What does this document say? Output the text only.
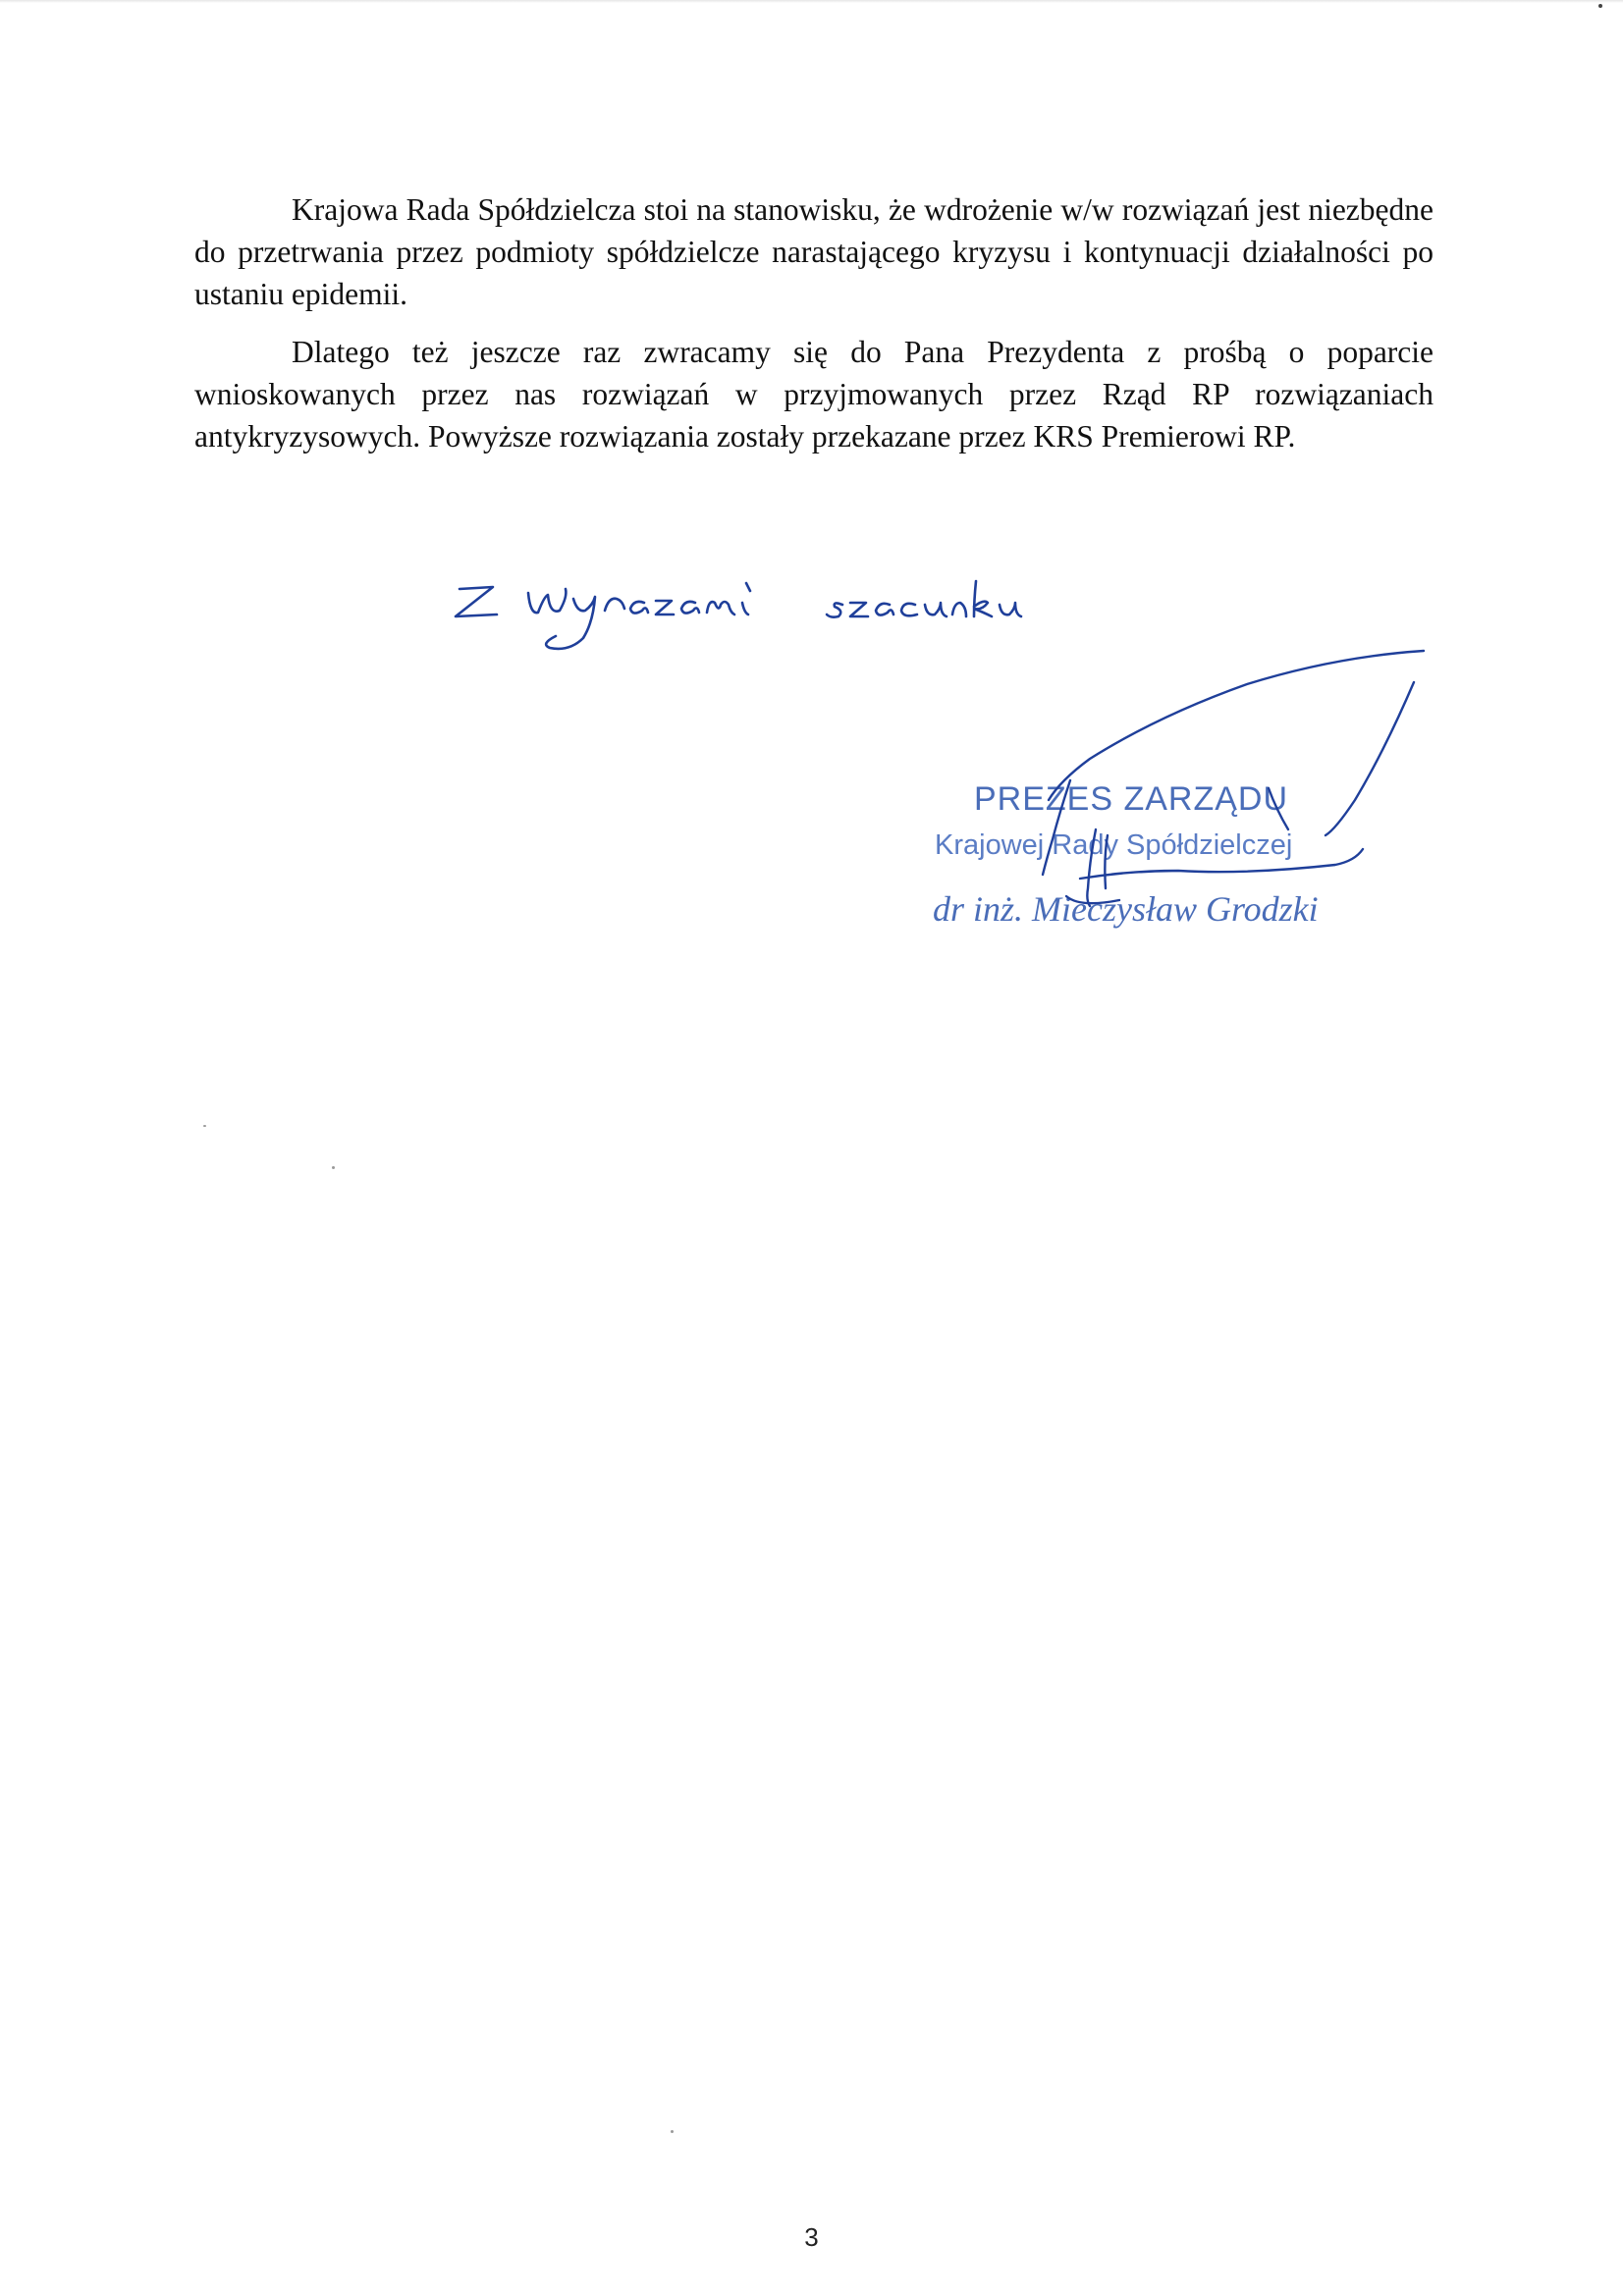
Krajowa Rada Spółdzielcza stoi na stanowisku, że wdrożenie w/w rozwiązań jest niezbędne do przetrwania przez podmioty spółdzielcze narastającego kryzysu i kontynuacji działalności po ustaniu epidemii.

Dlatego też jeszcze raz zwracamy się do Pana Prezydenta z prośbą o poparcie wnioskowanych przez nas rozwiązań w przyjmowanych przez Rząd RP rozwiązaniach antykryzysowych. Powyższe rozwiązania zostały przekazane przez KRS Premierowi RP.

PREZES ZARZĄDU
Krajowej Rady Spółdzielczej
dr inż. Mieczysław Grodzki
3
